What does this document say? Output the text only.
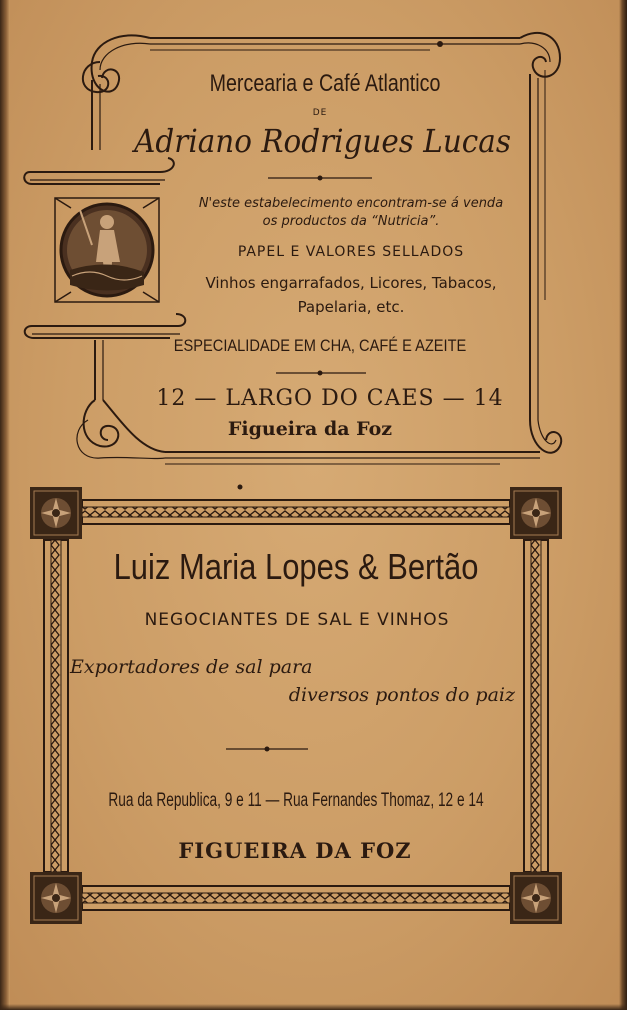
Mercearia e Café Atlantico
DE
Adriano Rodrigues Lucas
N'este estabelecimento encontram-se á venda
os productos da “Nutricia”.
PAPEL E VALORES SELLADOS
Vinhos engarrafados, Licores, Tabacos,
Papelaria, etc.
ESPECIALIDADE EM CHA, CAFÉ E AZEITE
12 — LARGO DO CAES — 14
Figueira da Foz
Luiz Maria Lopes & Bertão
NEGOCIANTES DE SAL E VINHOS
Exportadores de sal para
diversos pontos do paiz
Rua da Republica, 9 e 11 — Rua Fernandes Thomaz, 12 e 14
FIGUEIRA DA FOZ
